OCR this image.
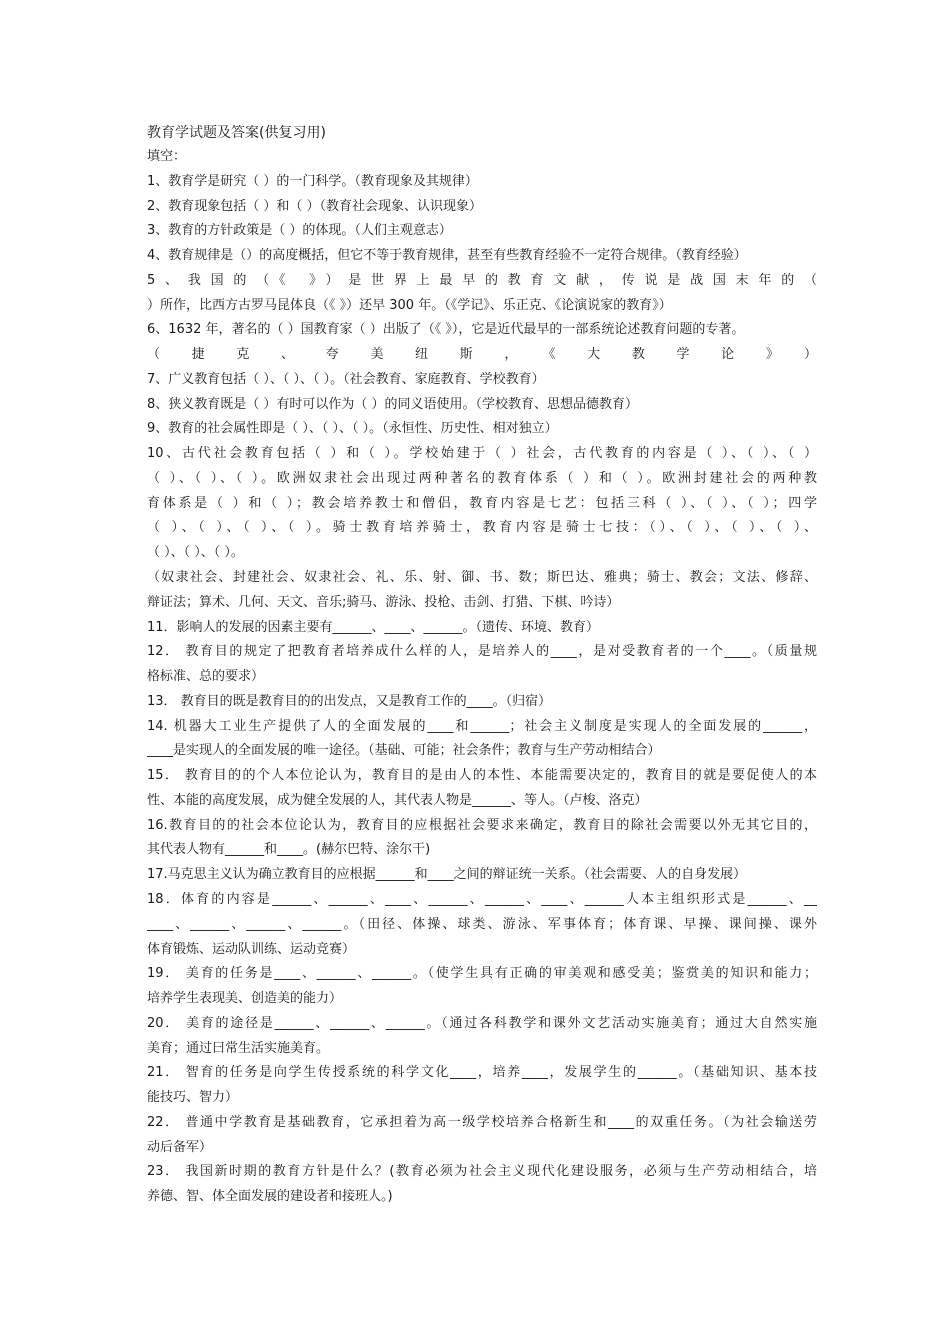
教育学试题及答案(供复习用)

填空：

1、教育学是研究（ ）的一门科学。（教育现象及其规律）

2、教育现象包括（ ）和（ ）（教育社会现象、认识现象）

3、教育的方针政策是（ ）的体现。（人们主观意志）

4、教育规律是（）的高度概括，但它不等于教育规律，甚至有些教育经验不一定符合规律。（教育经验）

5、我国的（《 》）是世界上最早的教育文献，传说是战国末年的（

）所作，比西方古罗马昆体良（《 》）还早 300 年。（《学记》、乐正克、《论演说家的教育》）

6、1632 年，著名的（ ）国教育家（ ）出版了（《 》），它是近代最早的一部系统论述教育问题的专著。

（捷克、夸美纽斯，《大教学论》）

7、广义教育包括（ ）、（ ）、（ ）。（社会教育、家庭教育、学校教育）

8、狭义教育既是（ ）有时可以作为（ ）的同义语使用。（学校教育、思想品德教育）

9、教育的社会属性即是（ ）、（ ）、（ ）。（永恒性、历史性、相对独立）

10、古代社会教育包括（ ）和（ ）。学校始建于（ ）社会，古代教育的内容是（ ）、（ ）、（ ）

（ ）、（ ）、（ ）。欧洲奴隶社会出现过两种著名的教育体系（ ）和（ ）。欧洲封建社会的两种教

育体系是（ ）和（ ）；教会培养教士和僧侣，教育内容是七艺：包括三科（ ）、（ ）、（ ）；四学

（ ）、（ ）、（ ）、（ ）。骑士教育培养骑士，教育内容是骑士七技：（）、（ ）、（ ）、（ ）、

（ ）、（ ）、（ ）。

（奴隶社会、封建社会、奴隶社会、礼、乐、射、御、书、数；斯巴达、雅典；骑士、教会；文法、修辞、

辩证法；算术、几何、天文、音乐;骑马、游泳、投枪、击剑、打猎、下棋、吟诗）

11．影响人的发展的因素主要有______、____、______。（遗传、环境、教育）

12． 教育目的规定了把教育者培养成什么样的人，是培养人的____，是对受教育者的一个____。（质量规

格标准、总的要求）

13． 教育目的既是教育目的的出发点，又是教育工作的____。（归宿）

14. 机器大工业生产提供了人的全面发展的____和______；社会主义制度是实现人的全面发展的______，

____是实现人的全面发展的唯一途径。（基础、可能；社会条件；教育与生产劳动相结合）

15． 教育目的的个人本位论认为，教育目的是由人的本性、本能需要决定的，教育目的就是要促使人的本

性、本能的高度发展，成为健全发展的人，其代表人物是______、等人。（卢梭、洛克）

16.教育目的的社会本位论认为，教育目的应根据社会要求来确定，教育目的除社会需要以外无其它目的，

其代表人物有______和____。(赫尔巴特、涂尔干)

17.马克思主义认为确立教育目的应根据______和____之间的辩证统一关系。（社会需要、人的自身发展）

18．体育的内容是______、______、____、______、______、____、______人本主组织形式是______、__

____、______、______、______。（田径、体操、球类、游泳、军事体育；体育课、早操、课间操、课外

体育锻炼、运动队训练、运动竞赛）

19． 美育的任务是____、______、______。（使学生具有正确的审美观和感受美；鉴赏美的知识和能力；

培养学生表现美、创造美的能力）

20． 美育的途径是______、______、______。（通过各科教学和课外文艺活动实施美育；通过大自然实施

美育；通过曰常生活实施美育。

21． 智育的任务是向学生传授系统的科学文化____，培养____，发展学生的______。（基础知识、基本技

能技巧、智力）

22． 普通中学教育是基础教育，它承担着为高一级学校培养合格新生和____的双重任务。（为社会输送劳

动后备军）

23． 我国新时期的教育方针是什么？(教育必须为社会主义现代化建设服务，必须与生产劳动相结合，培

养德、智、体全面发展的建设者和接班人。)
